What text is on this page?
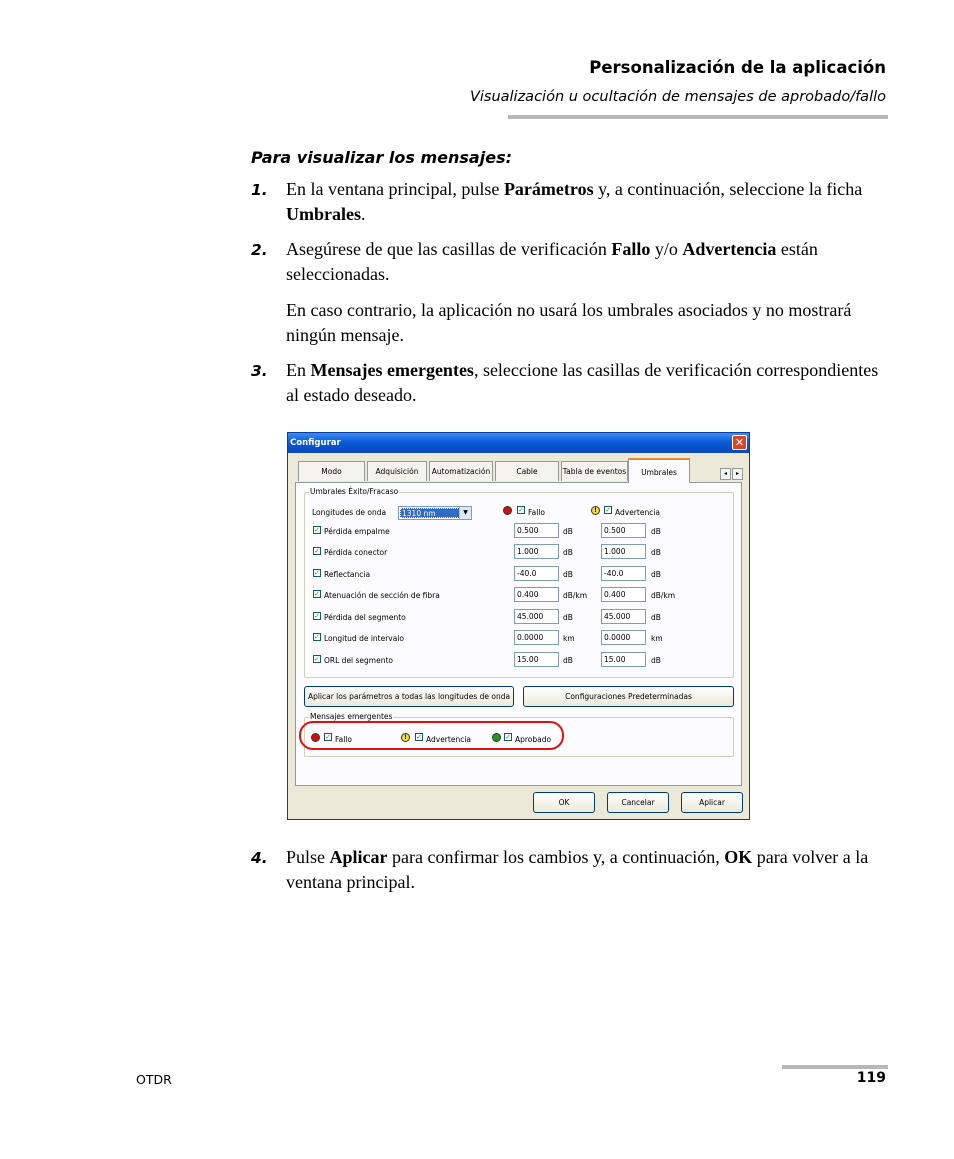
Personalización de la aplicación
Visualización u ocultación de mensajes de aprobado/fallo
Para visualizar los mensajes:
1. En la ventana principal, pulse Parámetros y, a continuación, seleccione la ficha Umbrales.
2. Asegúrese de que las casillas de verificación Fallo y/o Advertencia están seleccionadas.
En caso contrario, la aplicación no usará los umbrales asociados y no mostrará ningún mensaje.
3. En Mensajes emergentes, seleccione las casillas de verificación correspondientes al estado deseado.
Configurar	✕
Modo	Adquisición	Automatización	Cable	Tabla de eventos	Umbrales	◂	▸
Umbrales Éxito/Fracaso
Longitudes de onda 1310 nm	▼	✓ Fallo	!	✓ Advertencia
✓ Pérdida empalme	0.500	dB	0.500	dB
✓ Pérdida conector	1.000	dB	1.000	dB
✓ Reflectancia	-40.0	dB	-40.0	dB
✓ Atenuación de sección de fibra	0.400	dB/km	0.400	dB/km
✓ Pérdida del segmento	45.000	dB	45.000	dB
✓ Longitud de intervalo	0.0000	km	0.0000	km
✓ ORL del segmento	15.00	dB	15.00	dB
Aplicar los parámetros a todas las longitudes de onda	Configuraciones Predeterminadas
Mensajes emergentes
✓ Fallo	!	✓ Advertencia	✓ Aprobado
OK	Cancelar	Aplicar
4. Pulse Aplicar para confirmar los cambios y, a continuación, OK para volver a la ventana principal.
OTDR	119
